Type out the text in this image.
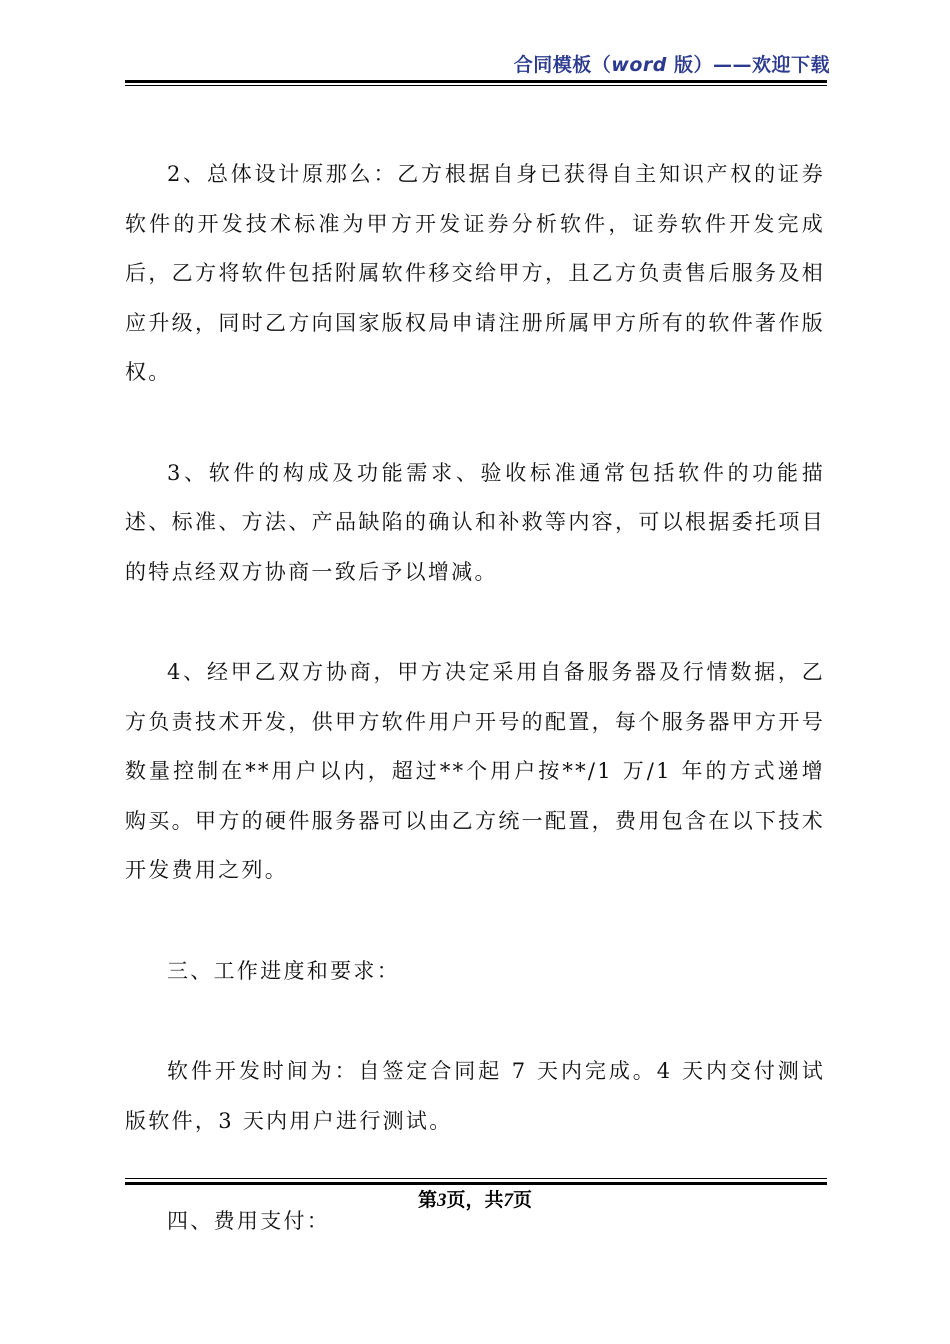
合同模板（word 版）——欢迎下载

2、总体设计原那么：乙方根据自身已获得自主知识产权的证券软件的开发技术标准为甲方开发证券分析软件，证券软件开发完成后，乙方将软件包括附属软件移交给甲方，且乙方负责售后服务及相应升级，同时乙方向国家版权局申请注册所属甲方所有的软件著作版权。

3、软件的构成及功能需求、验收标准通常包括软件的功能描述、标准、方法、产品缺陷的确认和补救等内容，可以根据委托项目的特点经双方协商一致后予以增减。

4、经甲乙双方协商，甲方决定采用自备服务器及行情数据，乙方负责技术开发，供甲方软件用户开号的配置，每个服务器甲方开号数量控制在**用户以内，超过**个用户按**/1 万/1 年的方式递增购买。甲方的硬件服务器可以由乙方统一配置，费用包含在以下技术开发费用之列。

三、工作进度和要求：

软件开发时间为：自签定合同起 7 天内完成。4 天内交付测试版软件，3 天内用户进行测试。

四、费用支付：

第3页，共7页
